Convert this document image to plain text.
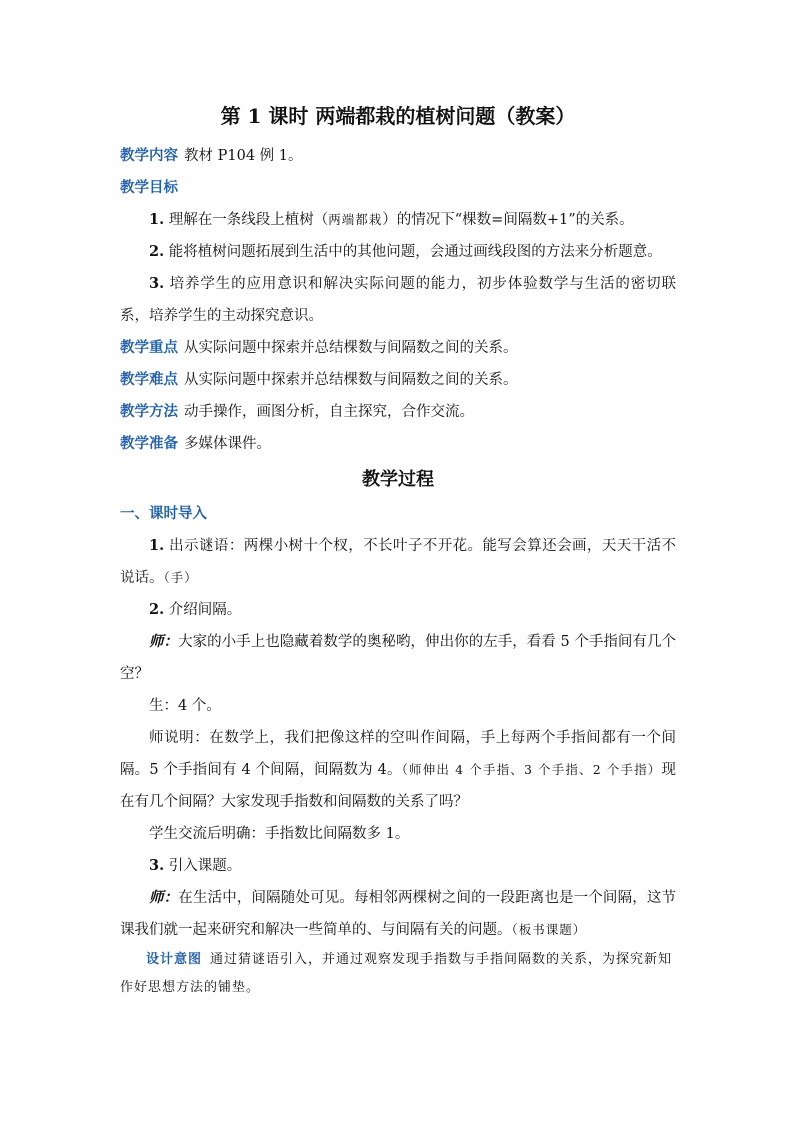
第 1 课时 两端都栽的植树问题（教案）

教学内容 教材 P104 例 1。

教学目标

1. 理解在一条线段上植树（两端都栽）的情况下“棵数=间隔数+1”的关系。

2. 能将植树问题拓展到生活中的其他问题，会通过画线段图的方法来分析题意。

3. 培养学生的应用意识和解决实际问题的能力，初步体验数学与生活的密切联系，培养学生的主动探究意识。

教学重点 从实际问题中探索并总结棵数与间隔数之间的关系。

教学难点 从实际问题中探索并总结棵数与间隔数之间的关系。

教学方法 动手操作，画图分析，自主探究，合作交流。

教学准备 多媒体课件。

教学过程

一、课时导入

1. 出示谜语：两棵小树十个杈，不长叶子不开花。能写会算还会画，天天干活不说话。（手）

2. 介绍间隔。

师：大家的小手上也隐藏着数学的奥秘哟，伸出你的左手，看看 5 个手指间有几个空？

生：4 个。

师说明：在数学上，我们把像这样的空叫作间隔，手上每两个手指间都有一个间隔。5 个手指间有 4 个间隔，间隔数为 4。（师伸出 4 个手指、3 个手指、2 个手指）现在有几个间隔？大家发现手指数和间隔数的关系了吗？

学生交流后明确：手指数比间隔数多 1。

3. 引入课题。

师：在生活中，间隔随处可见。每相邻两棵树之间的一段距离也是一个间隔，这节课我们就一起来研究和解决一些简单的、与间隔有关的问题。（板书课题）

设计意图 通过猜谜语引入，并通过观察发现手指数与手指间隔数的关系，为探究新知作好思想方法的铺垫。
